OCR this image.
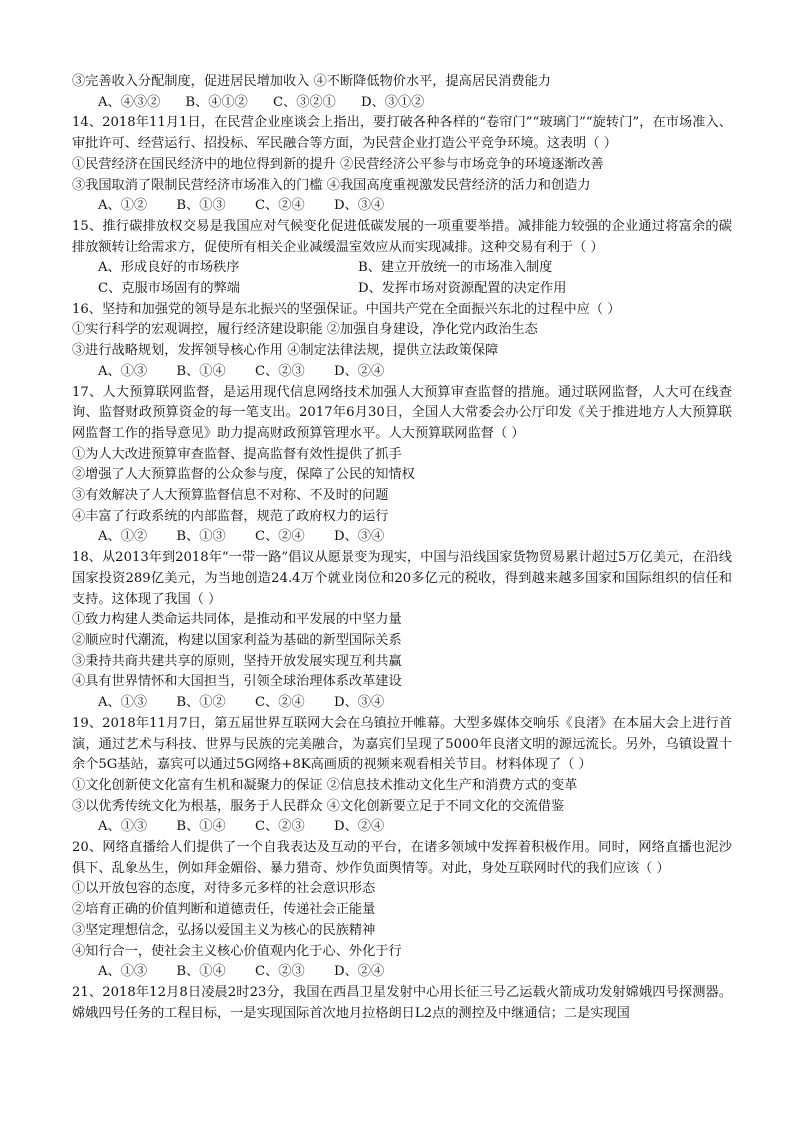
③完善收入分配制度，促进居民增加收入 ④不断降低物价水平，提高居民消费能力
A、④③②      B、④①②      C、③②①      D、③①②
14、2018年11月1日，在民营企业座谈会上指出，要打破各种各样的“卷帘门”“玻璃门”“旋转门”，在市场准入、审批许可、经营运行、招投标、军民融合等方面，为民营企业打造公平竞争环境。这表明（ ）
①民营经济在国民经济中的地位得到新的提升 ②民营经济公平参与市场竞争的环境逐渐改善
③我国取消了限制民营经济市场准入的门槛 ④我国高度重视激发民营经济的活力和创造力
A、①②       B、①③       C、②④       D、③④
15、推行碳排放权交易是我国应对气候变化促进低碳发展的一项重要举措。减排能力较强的企业通过将富余的碳排放额转让给需求方，促使所有相关企业减缓温室效应从而实现减排。这种交易有利于（ ）
A、形成良好的市场秩序	B、建立开放统一的市场准入制度
C、克服市场固有的弊端	D、发挥市场对资源配置的决定作用
16、坚持和加强党的领导是东北振兴的坚强保证。中国共产党在全面振兴东北的过程中应（ ）
①实行科学的宏观调控，履行经济建设职能 ②加强自身建设，净化党内政治生态
③进行战略规划，发挥领导核心作用 ④制定法律法规，提供立法政策保障
A、①③       B、①④       C、②③       D、②④
17、人大预算联网监督，是运用现代信息网络技术加强人大预算审查监督的措施。通过联网监督，人大可在线查询、监督财政预算资金的每一笔支出。2017年6月30日，全国人大常委会办公厅印发《关于推进地方人大预算联网监督工作的指导意见》助力提高财政预算管理水平。人大预算联网监督（ ）
①为人大改进预算审查监督、提高监督有效性提供了抓手
②增强了人大预算监督的公众参与度，保障了公民的知情权
③有效解决了人大预算监督信息不对称、不及时的问题
④丰富了行政系统的内部监督，规范了政府权力的运行
A、①②       B、①③       C、②④       D、③④
18、从2013年到2018年“一带一路”倡议从愿景变为现实，中国与沿线国家货物贸易累计超过5万亿美元，在沿线国家投资289亿美元，为当地创造24.4万个就业岗位和20多亿元的税收，得到越来越多国家和国际组织的信任和支持。这体现了我国（ ）
①致力构建人类命运共同体，是推动和平发展的中坚力量
②顺应时代潮流，构建以国家利益为基础的新型国际关系
③秉持共商共建共享的原则，坚持开放发展实现互利共赢
④具有世界情怀和大国担当，引领全球治理体系改革建设
A、①③       B、①②       C、②④       D、③④
19、2018年11月7日，第五届世界互联网大会在乌镇拉开帷幕。大型多媒体交响乐《良渚》在本届大会上进行首演，通过艺术与科技、世界与民族的完美融合，为嘉宾们呈现了5000年良渚文明的源远流长。另外，乌镇设置十余个5G基站，嘉宾可以通过5G网络+8K高画质的视频来观看相关节目。材料体现了（ ）
①文化创新使文化富有生机和凝聚力的保证 ②信息技术推动文化生产和消费方式的变革
③以优秀传统文化为根基，服务于人民群众 ④文化创新要立足于不同文化的交流借鉴
A、①③       B、①④       C、②③       D、②④
20、网络直播给人们提供了一个自我表达及互动的平台，在诸多领域中发挥着积极作用。同时，网络直播也泥沙俱下、乱象丛生，例如拜金媚俗、暴力猎奇、炒作负面舆情等。对此，身处互联网时代的我们应该（ ）
①以开放包容的态度，对待多元多样的社会意识形态
②培育正确的价值判断和道德责任，传递社会正能量
③坚定理想信念，弘扬以爱国主义为核心的民族精神
④知行合一，使社会主义核心价值观内化于心、外化于行
A、①③       B、①④       C、②③       D、②④
21、2018年12月8日凌晨2时23分，我国在西昌卫星发射中心用长征三号乙运载火箭成功发射嫦娥四号探测器。嫦娥四号任务的工程目标，一是实现国际首次地月拉格朗日L2点的测控及中继通信；二是实现国
